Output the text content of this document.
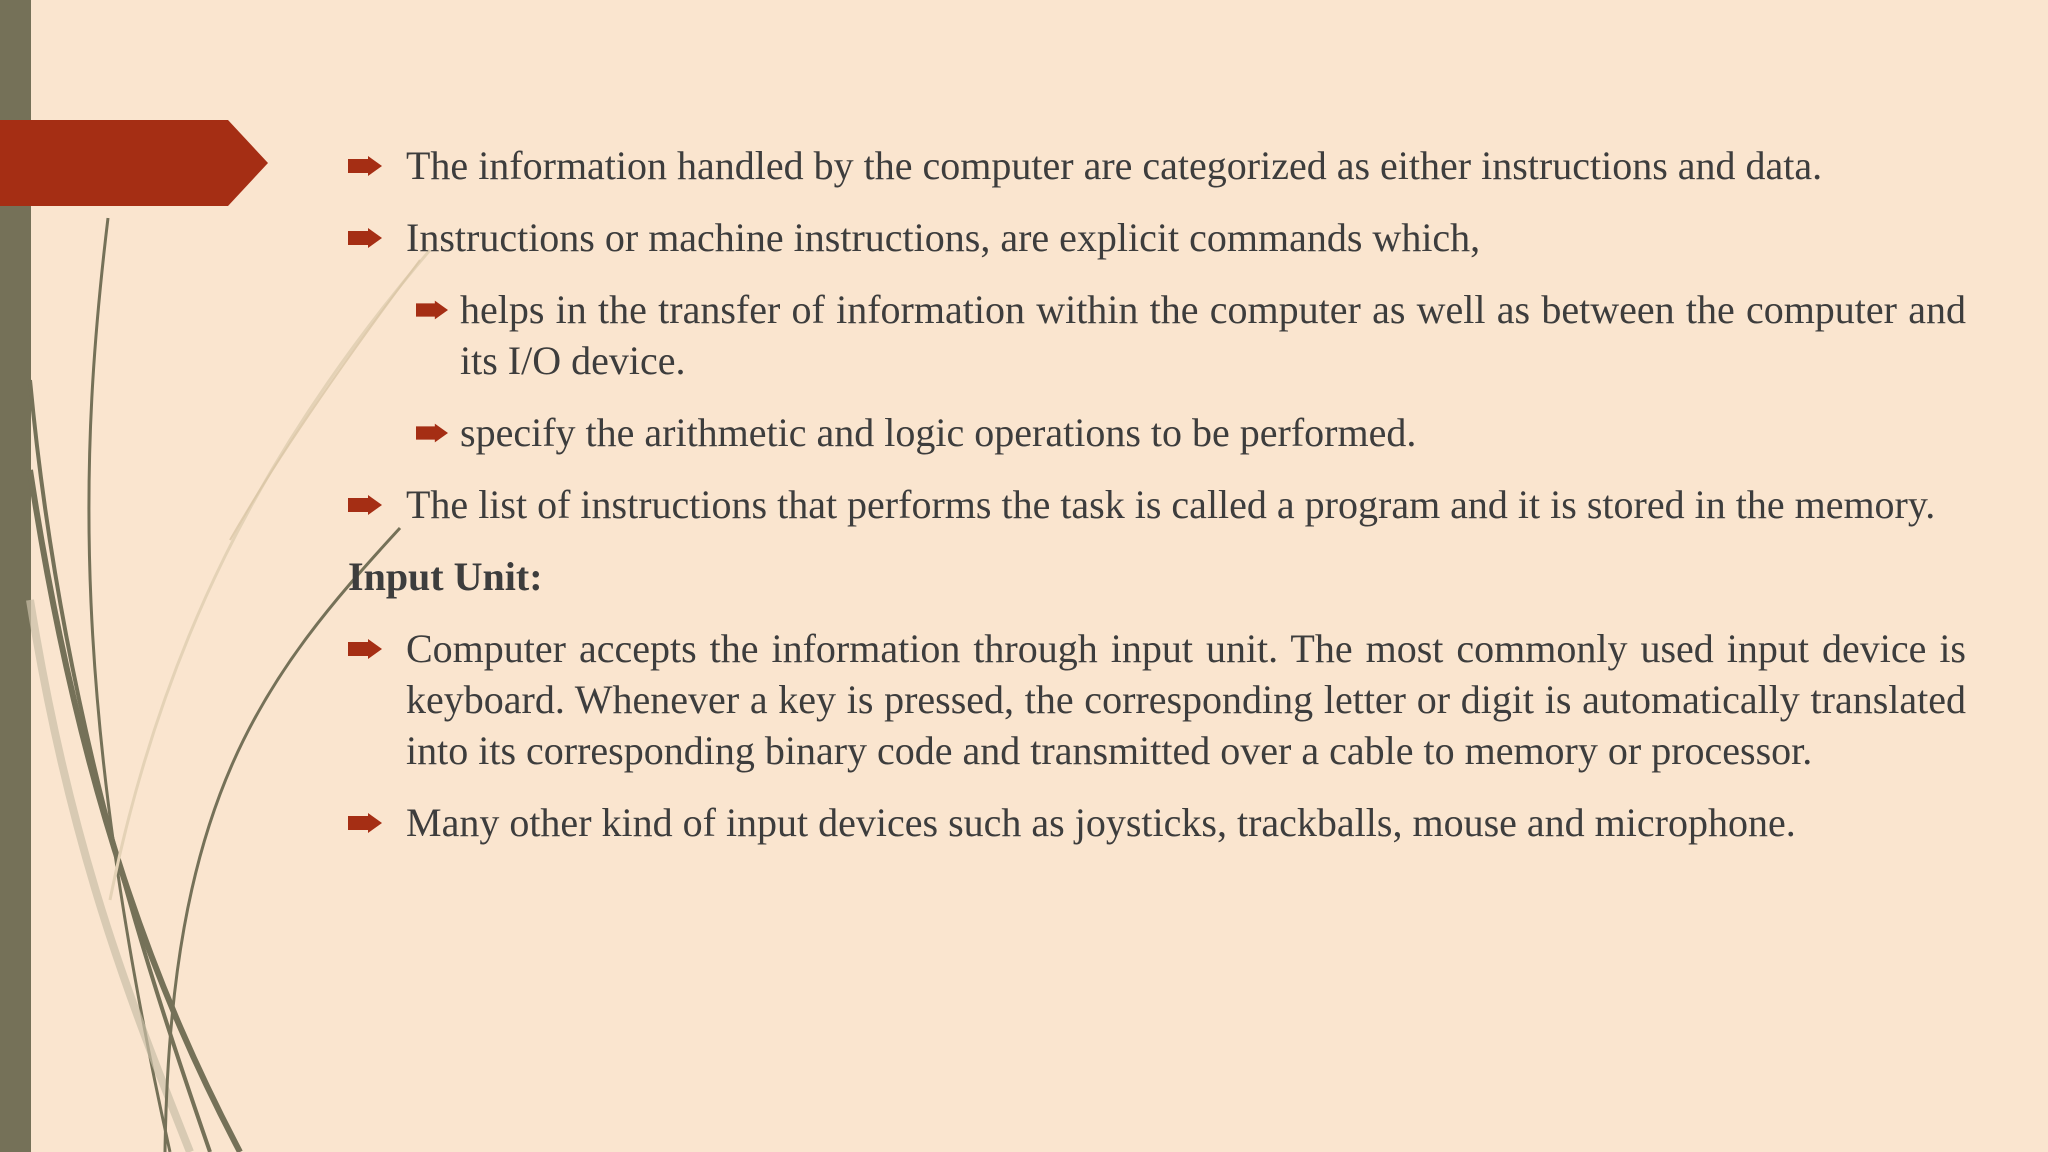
The information handled by the computer are categorized as either instructions and data.
Instructions or machine instructions, are explicit commands which,
helps in the transfer of information within the computer as well as between the computer and its I/O device.
specify the arithmetic and logic operations to be performed.
The list of instructions that performs the task is called a program and it is stored in the memory.
Input Unit:
Computer accepts the information through input unit. The most commonly used input device is keyboard. Whenever a key is pressed, the corresponding letter or digit is automatically translated into its corresponding binary code and transmitted over a cable to memory or processor.
Many other kind of input devices such as joysticks, trackballs, mouse and microphone.
